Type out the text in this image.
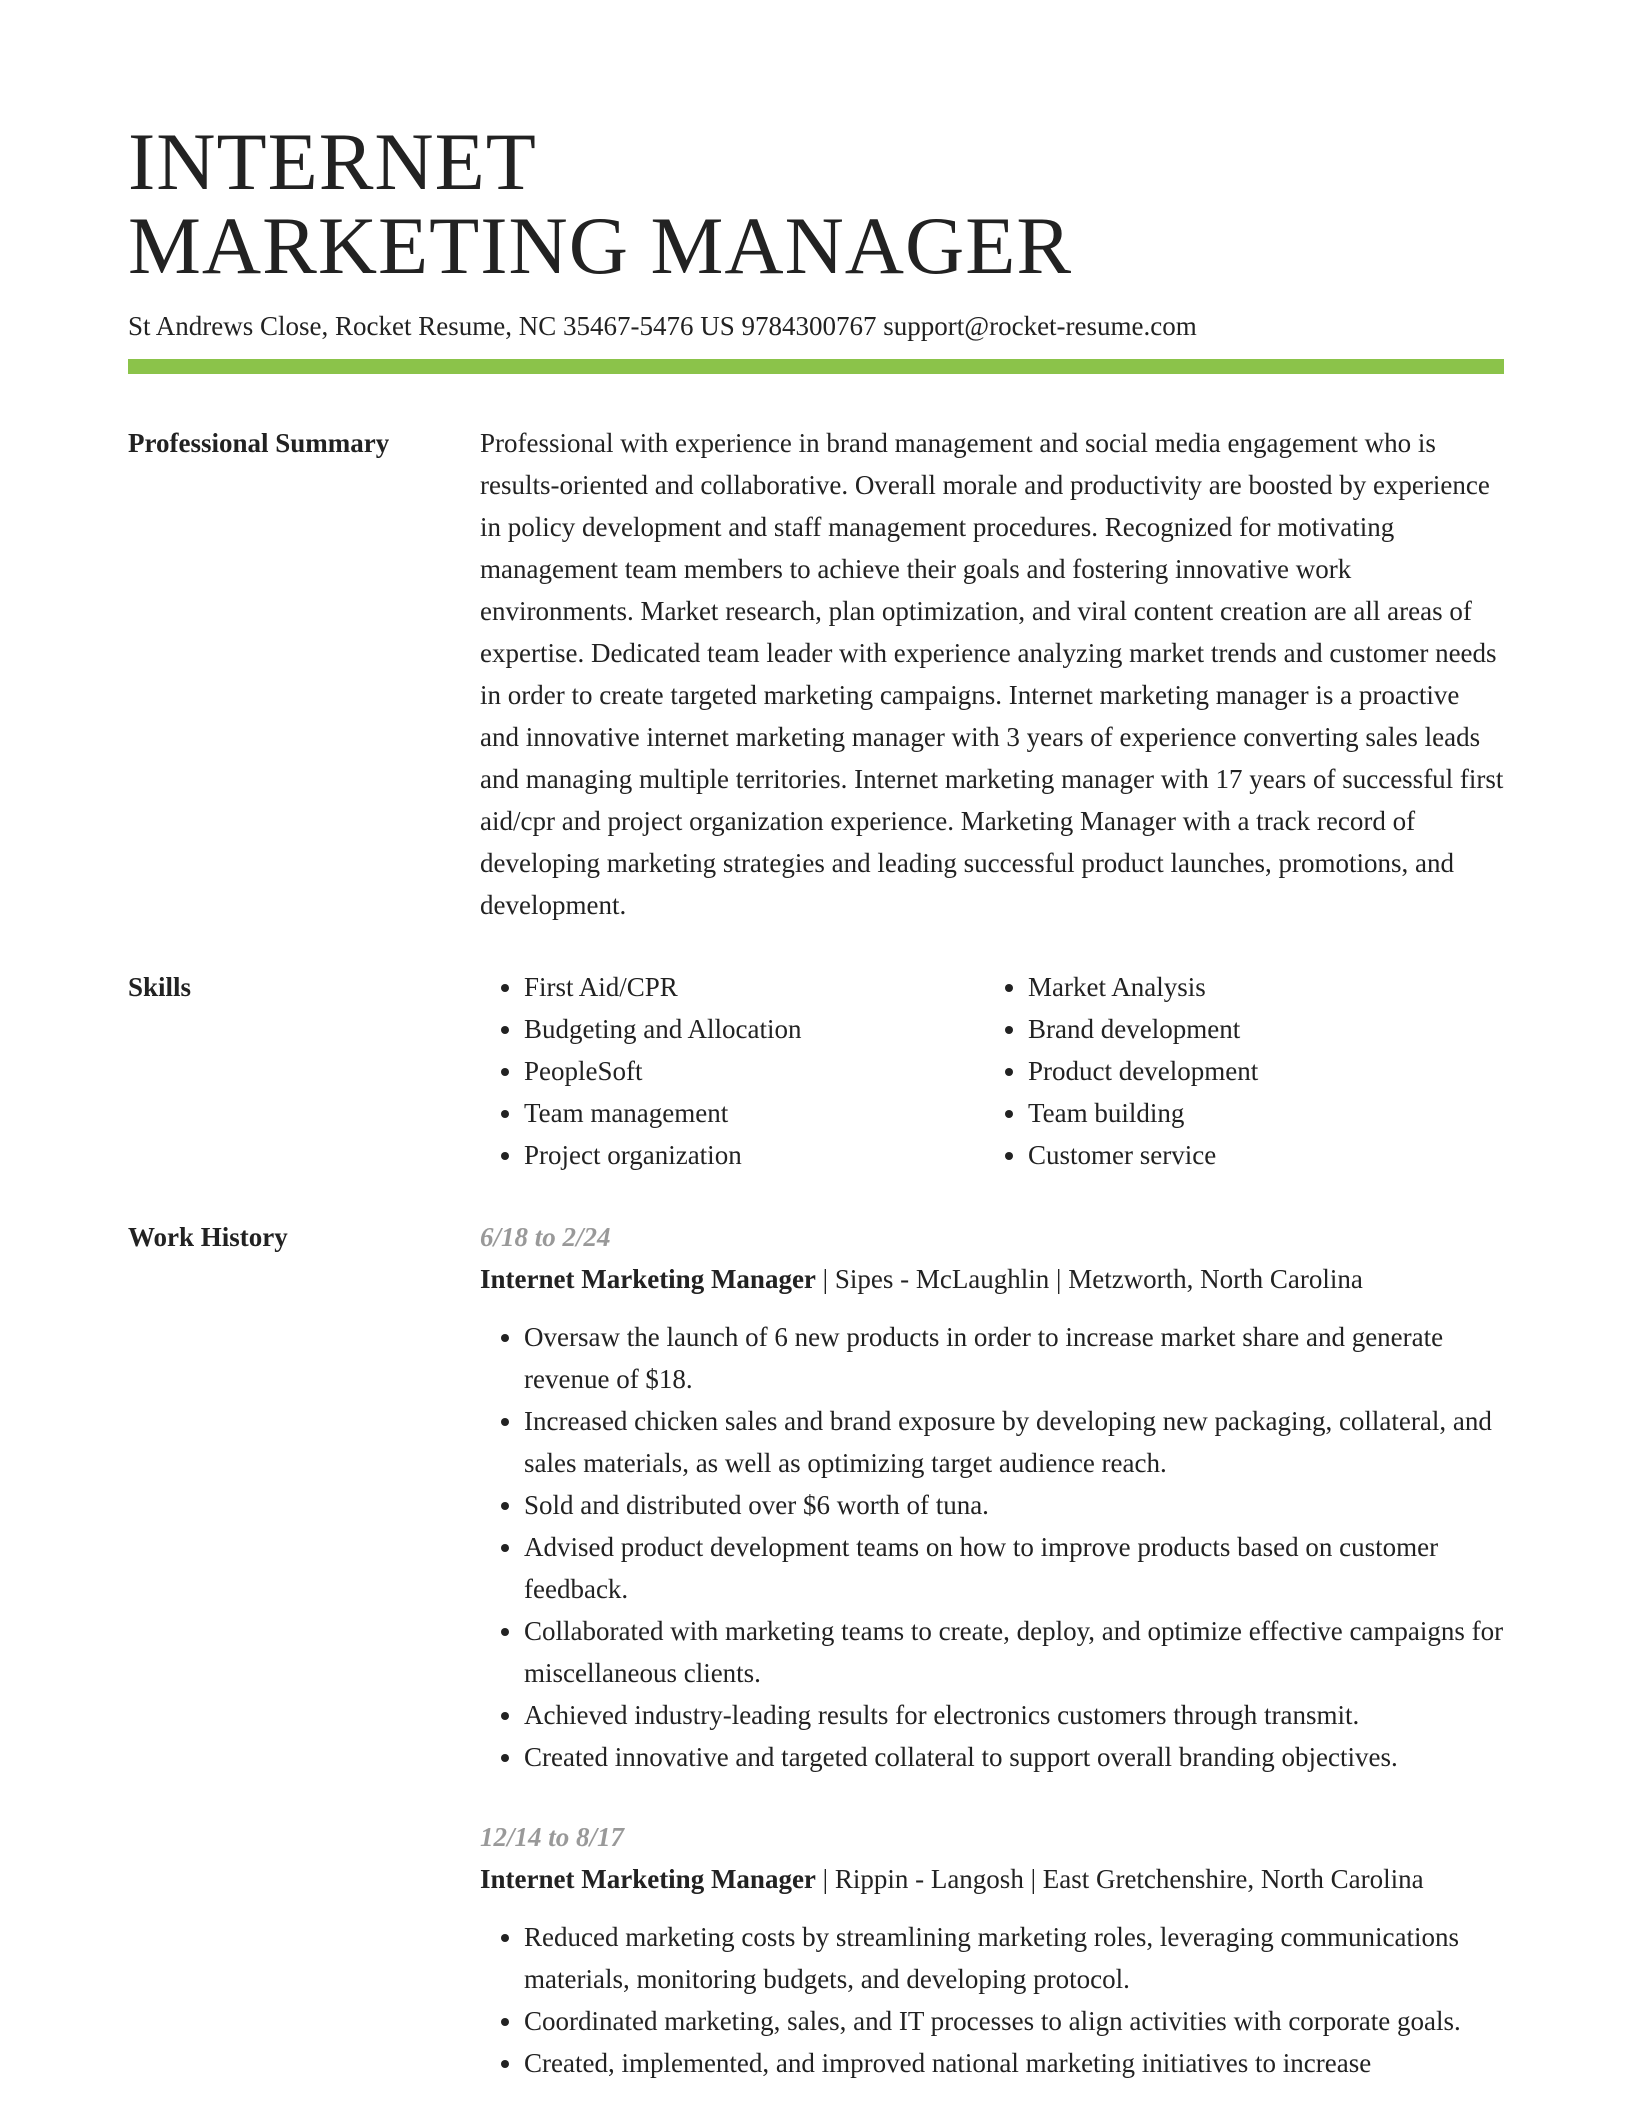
INTERNET
MARKETING MANAGER
St Andrews Close, Rocket Resume, NC 35467-5476 US 9784300767 support@rocket-resume.com
Professional Summary	Professional with experience in brand management and social media engagement who is results-oriented and collaborative. Overall morale and productivity are boosted by experience in policy development and staff management procedures. Recognized for motivating management team members to achieve their goals and fostering innovative work environments. Market research, plan optimization, and viral content creation are all areas of expertise. Dedicated team leader with experience analyzing market trends and customer needs in order to create targeted marketing campaigns. Internet marketing manager is a proactive and innovative internet marketing manager with 3 years of experience converting sales leads and managing multiple territories. Internet marketing manager with 17 years of successful first aid/cpr and project organization experience. Marketing Manager with a track record of developing marketing strategies and leading successful product launches, promotions, and development.

Skills
•	First Aid/CPR
• Budgeting and Allocation
• PeopleSoft
• Team management
• Project organization
• Market Analysis
• Brand development
• Product development
• Team building
• Customer service
Work History	6/18 to 2/24
Internet Marketing Manager | Sipes - McLaughlin | Metzworth, North Carolina
• Oversaw the launch of 6 new products in order to increase market share and generate revenue of $18.
• Increased chicken sales and brand exposure by developing new packaging, collateral, and sales materials, as well as optimizing target audience reach.
• Sold and distributed over $6 worth of tuna.
• Advised product development teams on how to improve products based on customer feedback.
• Collaborated with marketing teams to create, deploy, and optimize effective campaigns for miscellaneous clients.
• Achieved industry-leading results for electronics customers through transmit.
• Created innovative and targeted collateral to support overall branding objectives.
12/14 to 8/17
Internet Marketing Manager | Rippin - Langosh | East Gretchenshire, North Carolina
• Reduced marketing costs by streamlining marketing roles, leveraging communications materials, monitoring budgets, and developing protocol.
• Coordinated marketing, sales, and IT processes to align activities with corporate goals.
• Created, implemented, and improved national marketing initiatives to increase
